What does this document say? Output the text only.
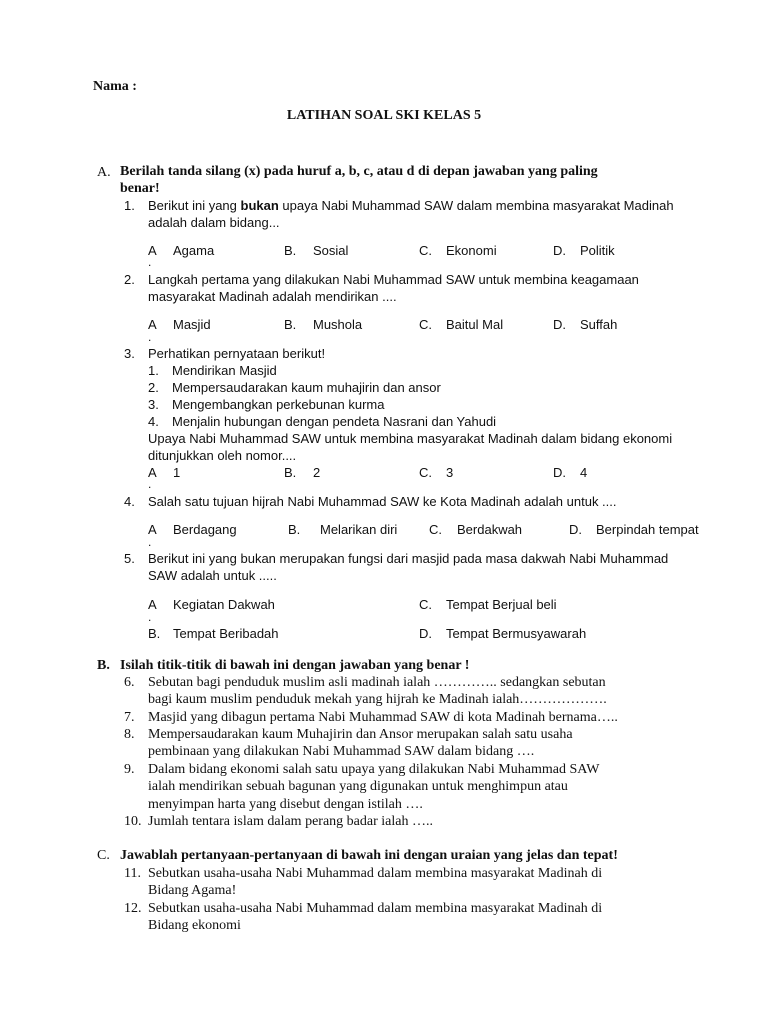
Nama :
LATIHAN SOAL SKI KELAS 5
A. Berilah tanda silang (x) pada huruf a, b, c, atau d di depan jawaban yang paling
benar!
1. Berikut ini yang bukan upaya Nabi Muhammad SAW dalam membina masyarakat Madinah
adalah dalam bidang...
A Agama	B. Sosial	C. Ekonomi	D. Politik
.
2. Langkah pertama yang dilakukan Nabi Muhammad SAW untuk membina keagamaan
masyarakat Madinah adalah mendirikan ....
A Masjid	B. Mushola	C. Baitul Mal	D. Suffah
.
3. Perhatikan pernyataan berikut!
1. Mendirikan Masjid
2. Mempersaudarakan kaum muhajirin dan ansor
3. Mengembangkan perkebunan kurma
4. Menjalin hubungan dengan pendeta Nasrani dan Yahudi
Upaya Nabi Muhammad SAW untuk membina masyarakat Madinah dalam bidang ekonomi
ditunjukkan oleh nomor....
A 1	B. 2	C. 3	D. 4
.
4. Salah satu tujuan hijrah Nabi Muhammad SAW ke Kota Madinah adalah untuk ....
A Berdagang	B. Melarikan diri C. Berdakwah	D. Berpindah tempat
.
5. Berikut ini yang bukan merupakan fungsi dari masjid pada masa dakwah Nabi Muhammad
SAW adalah untuk .....
A Kegiatan Dakwah	C. Tempat Berjual beli
.
B. Tempat Beribadah	D. Tempat Bermusyawarah
B. Isilah titik-titik di bawah ini dengan jawaban yang benar !
6. Sebutan bagi penduduk muslim asli madinah ialah ………….. sedangkan sebutan
bagi kaum muslim penduduk mekah yang hijrah ke Madinah ialah……………….
7. Masjid yang dibagun pertama Nabi Muhammad SAW di kota Madinah bernama…..
8. Mempersaudarakan kaum Muhajirin dan Ansor merupakan salah satu usaha
pembinaan yang dilakukan Nabi Muhammad SAW dalam bidang ….
9. Dalam bidang ekonomi salah satu upaya yang dilakukan Nabi Muhammad SAW
ialah mendirikan sebuah bagunan yang digunakan untuk menghimpun atau
menyimpan harta yang disebut dengan istilah ….
10. Jumlah tentara islam dalam perang badar ialah …..
C. Jawablah pertanyaan-pertanyaan di bawah ini dengan uraian yang jelas dan tepat!
11. Sebutkan usaha-usaha Nabi Muhammad dalam membina masyarakat Madinah di
Bidang Agama!
12. Sebutkan usaha-usaha Nabi Muhammad dalam membina masyarakat Madinah di
Bidang ekonomi
